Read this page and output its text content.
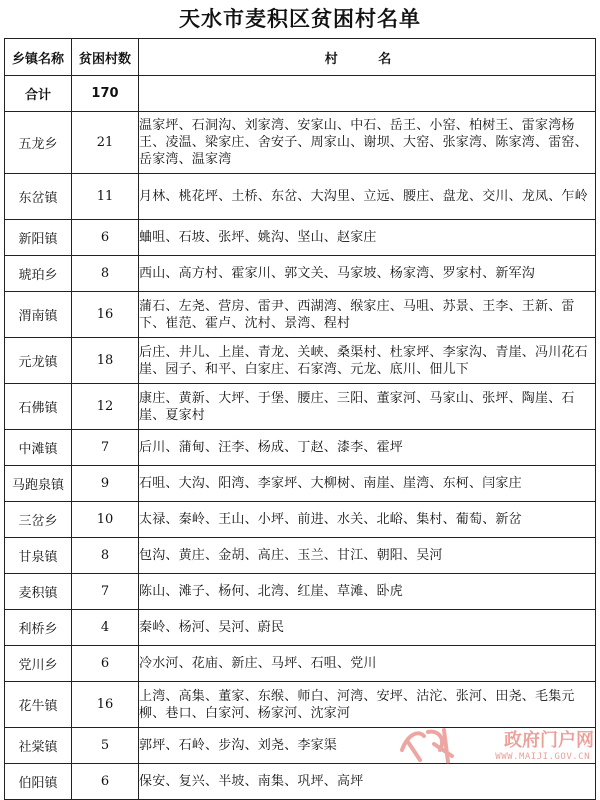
天水市麦积区贫困村名单
乡镇名称	贫困村数	村 名
合计	170	
五龙乡	21	温家坪、石洞沟、刘家湾、安家山、中石、岳王、小窑、柏树王、雷家湾杨王、凌温、梁家庄、舍安子、周家山、谢坝、大窑、张家湾、陈家湾、雷窑、岳家湾、温家湾
东岔镇	11	月林、桃花坪、土桥、东岔、大沟里、立远、腰庄、盘龙、交川、龙凤、乍岭
新阳镇	6	蛐咀、石坡、张坪、姚沟、坚山、赵家庄
琥珀乡	8	西山、高方村、霍家川、郭文关、马家坡、杨家湾、罗家村、新军沟
渭南镇	16	蒲石、左尧、营房、雷尹、西湖湾、缑家庄、马咀、苏景、王李、王新、雷下、崔范、霍卢、沈村、景湾、程村
元龙镇	18	后庄、井儿、上崖、青龙、关峡、桑渠村、杜家坪、李家沟、青崖、冯川花石崖、园子、和平、白家庄、石家湾、元龙、底川、佃儿下
石佛镇	12	康庄、黄新、大坪、于堡、腰庄、三阳、董家河、马家山、张坪、陶崖、石崖、夏家村
中滩镇	7	后川、蒲甸、汪李、杨成、丁赵、漆李、霍坪
马跑泉镇	9	石咀、大沟、阳湾、李家坪、大柳树、南崖、崖湾、东柯、闫家庄
三岔乡	10	太禄、秦岭、王山、小坪、前进、水关、北峪、集村、葡萄、新岔
甘泉镇	8	包沟、黄庄、金胡、高庄、玉兰、甘江、朝阳、吴河
麦积镇	7	陈山、滩子、杨何、北湾、红崖、草滩、卧虎
利桥乡	4	秦岭、杨河、吴河、蔚民
党川乡	6	冷水河、花庙、新庄、马坪、石咀、党川
花牛镇	16	上湾、高集、董家、东缑、师白、河湾、安坪、沽沱、张河、田尧、毛集元柳、巷口、白家河、杨家河、沈家河
社棠镇	5	郭坪、石岭、步沟、刘尧、李家渠
伯阳镇	6	保安、复兴、半坡、南集、巩坪、高坪
政府门户网
WWW.MAIJI.GOV.CN
